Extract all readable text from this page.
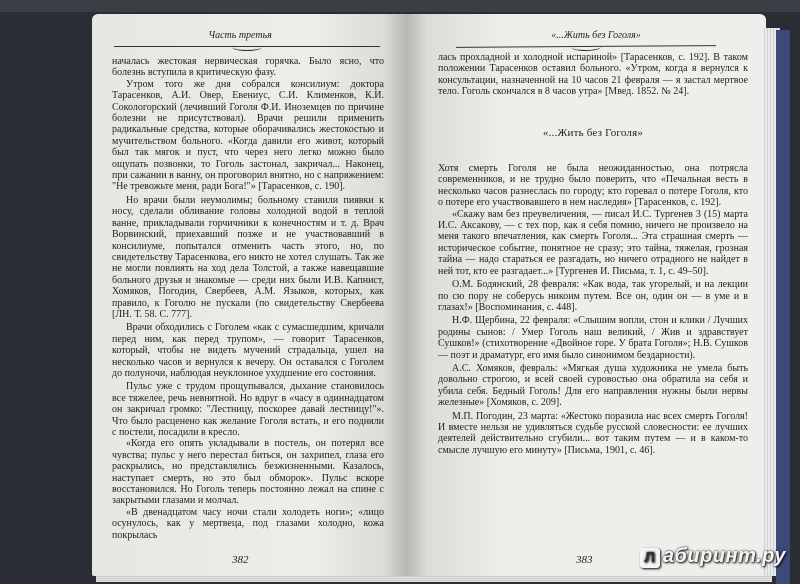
Часть третья

началась жестокая нервическая горячка. Было ясно, что болезнь вступила в критическую фазу.

Утром того же дня собрался консилиум: доктора Тарасенков, А.И. Овер, Евениус, С.И. Клименков, К.И. Сокологорский (лечивший Гоголя Ф.И. Иноземцев по причине болезни не присутствовал). Врачи решили применить радикальные средства, которые оборачивались жестокостью и мучительством больного. «Когда давили его живот, который был так мягок и пуст, что через него легко можно было ощупать позвонки, то Гоголь застонал, закричал... Наконец, при сажании в ванну, он проговорил внятно, но с напряжением: "Не тревожьте меня, ради Бога!"» [Тарасенков, с. 190].

Но врачи были неумолимы; больному ставили пиявки к носу, сделали обливание головы холодной водой в теплой ванне, прикладывали горчичники к конечностям и т. д. Врач Ворвинский, приехавший позже и не участвовавший в консилиуме, попытался отменить часть этого, но, по свидетельству Тарасенкова, его никто не хотел слушать. Так же не могли повлиять на ход дела Толстой, а также навещавшие больного друзья и знакомые — среди них были И.В. Капнист, Хомяков, Погодин, Свербеев, А.М. Языков, которых, как правило, к Гоголю не пускали (по свидетельству Свербеева [ЛН. Т. 58. С. 777].

Врачи обходились с Гоголем «как с сумасшедшим, кричали перед ним, как перед трупом», — говорит Тарасенков, который, чтобы не видеть мучений страдальца, ушел на несколько часов и вернулся к вечеру. Он оставался с Гоголем до полуночи, наблюдая неуклонное ухудшение его состояния.

Пульс уже с трудом прощупывался, дыхание становилось все тяжелее, речь невнятной. Но вдруг в «часу в одиннадцатом он закричал громко: "Лестницу, поскорее давай лестницу!"». Что было расценено как желание Гоголя встать, и его подняли с постели, посадили в кресло.

«Когда его опять укладывали в постель, он потерял все чувства; пульс у него перестал биться, он захрипел, глаза его раскрылись, но представлялись безжизненными. Казалось, наступает смерть, но это был обморок». Пульс вскоре восстановился. Но Гоголь теперь постоянно лежал на спине с закрытыми глазами и молчал.

«В двенадцатом часу ночи стали холодеть ноги»; «лицо осунулось, как у мертвеца, под глазами холодно, кожа покрылась

382
«...Жить без Гоголя»

лась прохладной и холодной испариной» [Тарасенков, с. 192]. В таком положении Тарасенков оставил больного. «Утром, когда я вернулся к консультации, назначенной на 10 часов 21 февраля — я застал мертвое тело. Гоголь скончался в 8 часов утра» [Мвед. 1852. № 24].

«...Жить без Гоголя»

Хотя смерть Гоголя не была неожиданностью, она потрясла современников, и не трудно было поверить, что «Печальная весть в несколько часов разнеслась по городу; кто горевал о потере Гоголя, кто о потере его участвовавшего в нем наследия» [Тарасенков, с. 192].

«Скажу вам без преувеличения, — писал И.С. Тургенев 3 (15) марта И.С. Аксакову, — с тех пор, как я себя помню, ничего не произвело на меня такого впечатления, как смерть Гоголя... Эта страшная смерть — историческое событие, понятное не сразу; это тайна, тяжелая, грозная тайна — надо стараться ее разгадать, но ничего отрадного не найдет в ней тот, кто ее разгадает...» [Тургенев И. Письма, т. 1, с. 49–50].

О.М. Бодянский, 28 февраля: «Как вода, так угорелый, и на лекции по сю пору не соберусь никоим путем. Все он, один он — в уме и в глазах!» [Воспоминания, с. 448].

Н.Ф. Щербина, 22 февраля: «Слышим вопли, стон и клики / Лучших родины сынов: / Умер Гоголь наш великий, / Жив и здравствует Сушков!» (стихотворение «Двойное горе. У брата Гоголя»; Н.В. Сушков — поэт и драматург, его имя было синонимом бездарности).

А.С. Хомяков, февраль: «Мягкая душа художника не умела быть довольно строгою, и всей своей суровостью она обратила на себя и убила себя. Бедный Гоголь! Для его направления нужны были нервы железные» [Хомяков, с. 209].

М.П. Погодин, 23 марта: «Жестоко поразила нас всех смерть Гоголя! И вместе нельзя не удивляться судьбе русской словесности: ее лучших деятелей действительно сгубили... вот таким путем — и в каком-то смысле лучшую его минуту» [Письма, 1901, с. 46].

383	Л абиринт.ру
